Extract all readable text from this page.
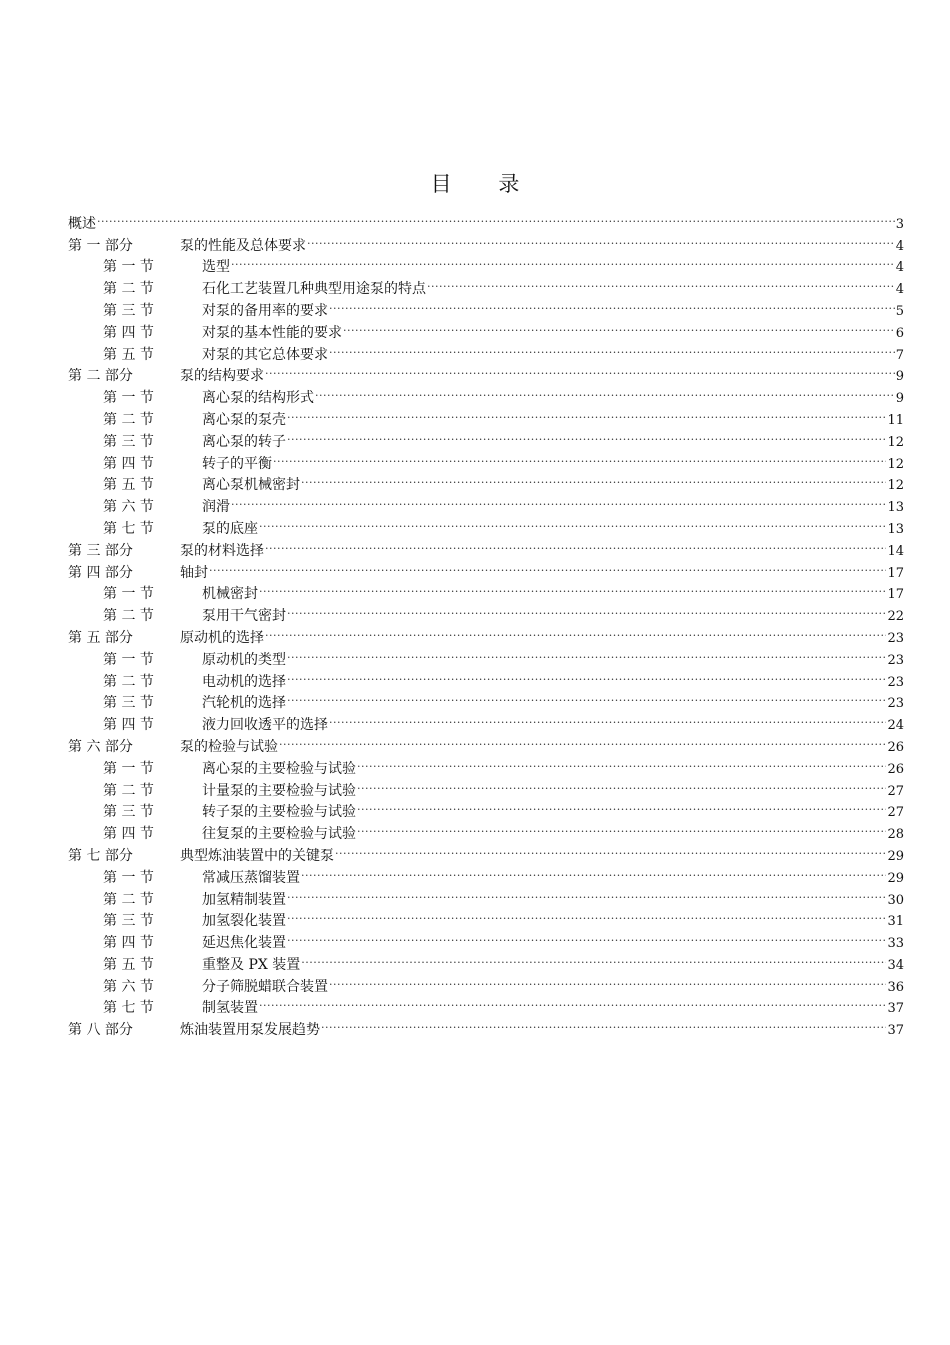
目 录
概述 .....	3
第 一 部分	泵的性能及总体要求 .....	4
第 一 节	选型 .....	4
第 二 节	石化工艺装置几种典型用途泵的特点 .....	4
第 三 节	对泵的备用率的要求 .....	5
第 四 节	对泵的基本性能的要求 .....	6
第 五 节	对泵的其它总体要求 .....	7
第 二 部分	泵的结构要求 .....	9
第 一 节	离心泵的结构形式 .....	9
第 二 节	离心泵的泵壳 .....	11
第 三 节	离心泵的转子 .....	12
第 四 节	转子的平衡 .....	12
第 五 节	离心泵机械密封 .....	12
第 六 节	润滑 .....	13
第 七 节	泵的底座 .....	13
第 三 部分	泵的材料选择 .....	14
第 四 部分	轴封 .....	17
第 一 节	机械密封 .....	17
第 二 节	泵用干气密封 .....	22
第 五 部分	原动机的选择 .....	23
第 一 节	原动机的类型 .....	23
第 二 节	电动机的选择 .....	23
第 三 节	汽轮机的选择 .....	23
第 四 节	液力回收透平的选择 .....	24
第 六 部分	泵的检验与试验 .....	26
第 一 节	离心泵的主要检验与试验 .....	26
第 二 节	计量泵的主要检验与试验 .....	27
第 三 节	转子泵的主要检验与试验 .....	27
第 四 节	往复泵的主要检验与试验 .....	28
第 七 部分	典型炼油装置中的关键泵 .....	29
第 一 节	常减压蒸馏装置 .....	29
第 二 节	加氢精制装置 .....	30
第 三 节	加氢裂化装置 .....	31
第 四 节	延迟焦化装置 .....	33
第 五 节	重整及 PX 装置 .....	34
第 六 节	分子筛脱蜡联合装置 .....	36
第 七 节	制氢装置 .....	37
第 八 部分	炼油装置用泵发展趋势 .....	37
